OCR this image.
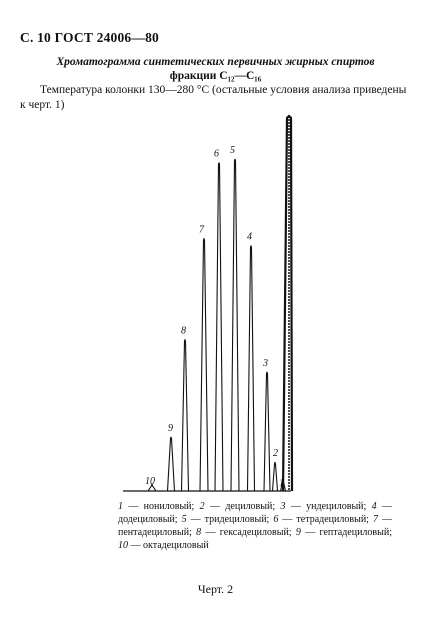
С. 10 ГОСТ 24006—80
Хроматограмма синтетических первичных жирных спиртов
фракции С₁₂—С₁₆
Температура колонки 130—280 °С (остальные условия анализа приведены
к черт. 1)
10
9
8
7
6 5
4
3
2
1
1 — нониловый; 2 — дециловый; 3 — ундециловый; 4 — додециловый; 5 — тридециловый; 6 — тетрадециловый; 7 — пентадециловый; 8 — гексадециловый; 9 — гептадециловый; 10 — октадециловый
Черт. 2
